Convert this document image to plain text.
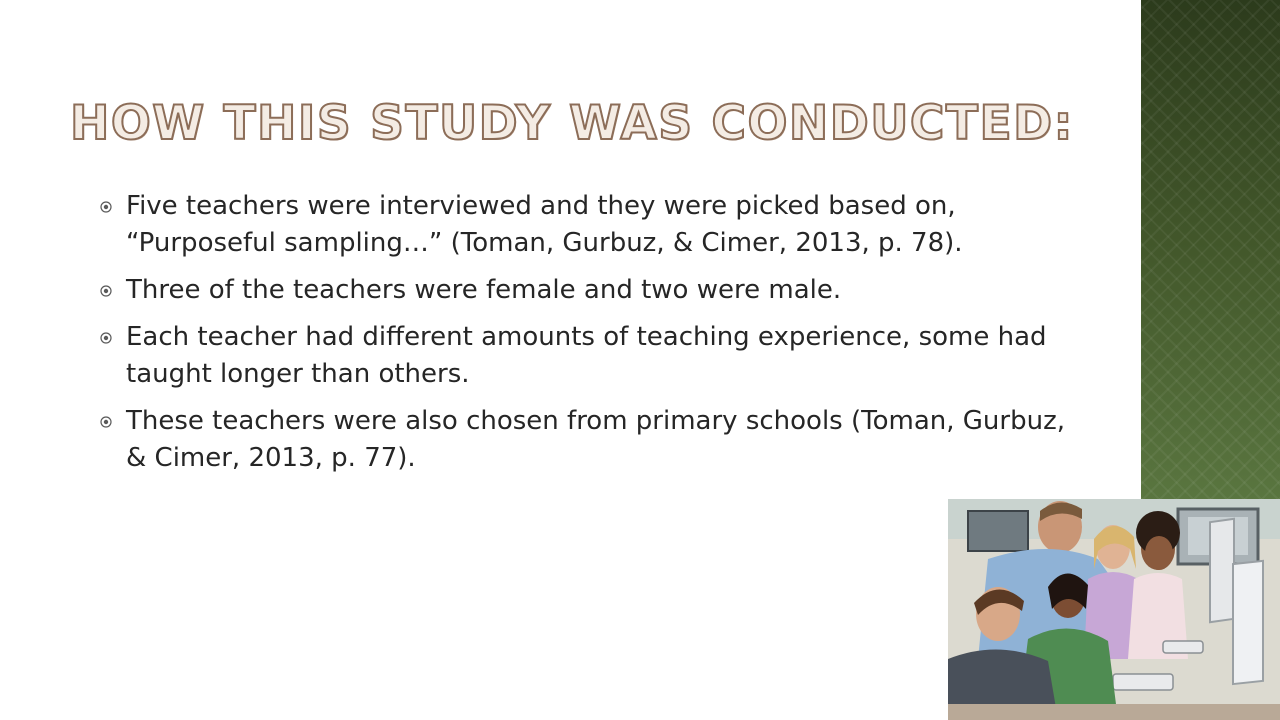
HOW THIS STUDY WAS CONDUCTED:
Five teachers were interviewed and they were picked based on, “Purposeful sampling…” (Toman, Gurbuz, & Cimer, 2013, p. 78).
Three of the teachers were female and two were male.
Each teacher had different amounts of teaching experience, some had taught longer than others.
These teachers were also chosen from primary schools (Toman, Gurbuz, & Cimer, 2013, p. 77).
